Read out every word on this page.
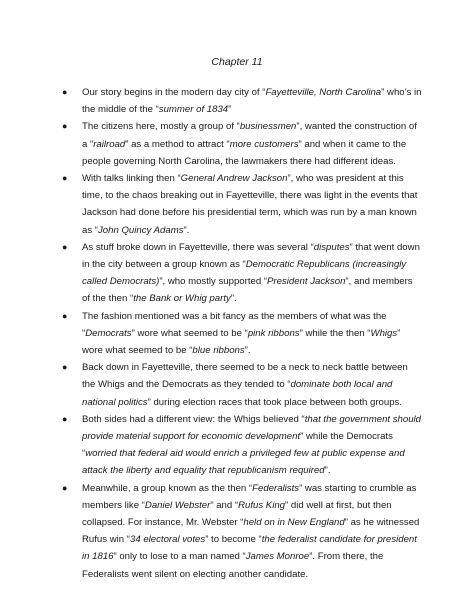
Chapter 11
● Our story begins in the modern day city of “Fayetteville, North Carolina” who’s in the middle of the “summer of 1834”
● The citizens here, mostly a group of “businessmen”, wanted the construction of a “railroad” as a method to attract “more customers” and when it came to the people governing North Carolina, the lawmakers there had different ideas.
● With talks linking then “General Andrew Jackson”, who was president at this time, to the chaos breaking out in Fayetteville, there was light in the events that Jackson had done before his presidential term, which was run by a man known as “John Quincy Adams”.
● As stuff broke down in Fayetteville, there was several “disputes” that went down in the city between a group known as “Democratic Republicans (increasingly called Democrats)”, who mostly supported “President Jackson”, and members of the then “the Bank or Whig party”.
● The fashion mentioned was a bit fancy as the members of what was the “Democrats” wore what seemed to be “pink ribbons” while the then “Whigs” wore what seemed to be “blue ribbons”.
● Back down in Fayetteville, there seemed to be a neck to neck battle between the Whigs and the Democrats as they tended to “dominate both local and national politics” during election races that took place between both groups.
● Both sides had a different view: the Whigs believed “that the government should provide material support for economic development” while the Democrats “worried that federal aid would enrich a privileged few at public expense and attack the liberty and equality that republicanism required”.
● Meanwhile, a group known as the then “Federalists” was starting to crumble as members like “Daniel Webster” and “Rufus King” did well at first, but then collapsed. For instance, Mr. Webster “held on in New England” as he witnessed Rufus win “34 electoral votes” to become “the federalist candidate for president in 1816” only to lose to a man named “James Monroe”. From there, the Federalists went silent on electing another candidate.
